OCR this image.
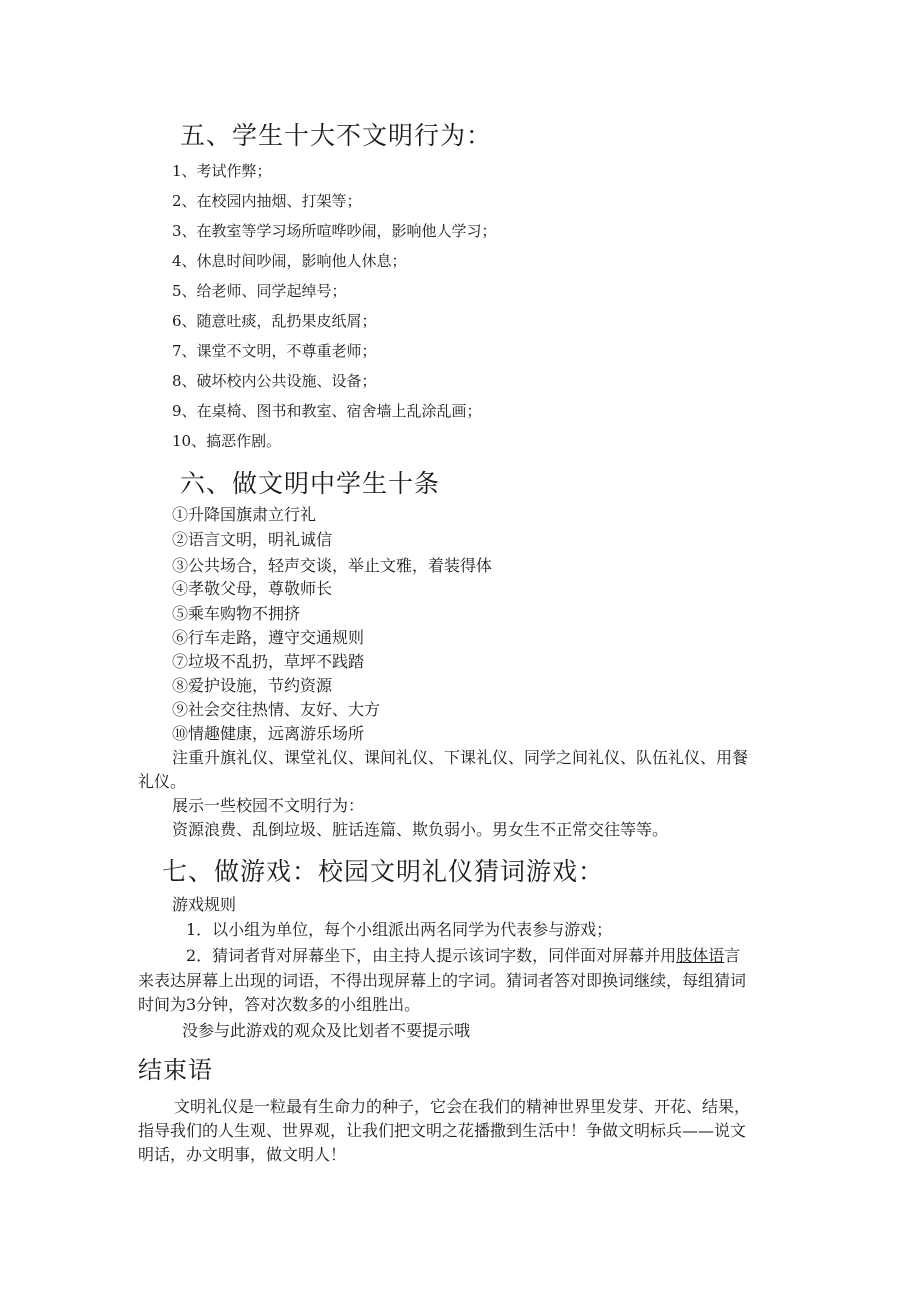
五、学生十大不文明行为：
1、考试作弊；
2、在校园内抽烟、打架等；
3、在教室等学习场所喧哗吵闹，影响他人学习；
4、休息时间吵闹，影响他人休息；
5、给老师、同学起绰号；
6、随意吐痰，乱扔果皮纸屑；
7、课堂不文明，不尊重老师；
8、破坏校内公共设施、设备；
9、在桌椅、图书和教室、宿舍墙上乱涂乱画；
10、搞恶作剧。
六、做文明中学生十条
①升降国旗肃立行礼
②语言文明，明礼诚信
③公共场合，轻声交谈，举止文雅，着装得体
④孝敬父母，尊敬师长
⑤乘车购物不拥挤
⑥行车走路，遵守交通规则
⑦垃圾不乱扔，草坪不践踏
⑧爱护设施，节约资源
⑨社会交往热情、友好、大方
⑩情趣健康，远离游乐场所
注重升旗礼仪、课堂礼仪、课间礼仪、下课礼仪、同学之间礼仪、队伍礼仪、用餐
礼仪。
展示一些校园不文明行为：
资源浪费、乱倒垃圾、脏话连篇、欺负弱小。男女生不正常交往等等。
七、做游戏：校园文明礼仪猜词游戏：
游戏规则
1．以小组为单位，每个小组派出两名同学为代表参与游戏；
2．猜词者背对屏幕坐下，由主持人提示该词字数，同伴面对屏幕并用肢体语言
来表达屏幕上出现的词语，不得出现屏幕上的字词。猜词者答对即换词继续，每组猜词
时间为3分钟，答对次数多的小组胜出。
没参与此游戏的观众及比划者不要提示哦
结束语
文明礼仪是一粒最有生命力的种子，它会在我们的精神世界里发芽、开花、结果，
指导我们的人生观、世界观，让我们把文明之花播撒到生活中！争做文明标兵——说文
明话，办文明事，做文明人！
